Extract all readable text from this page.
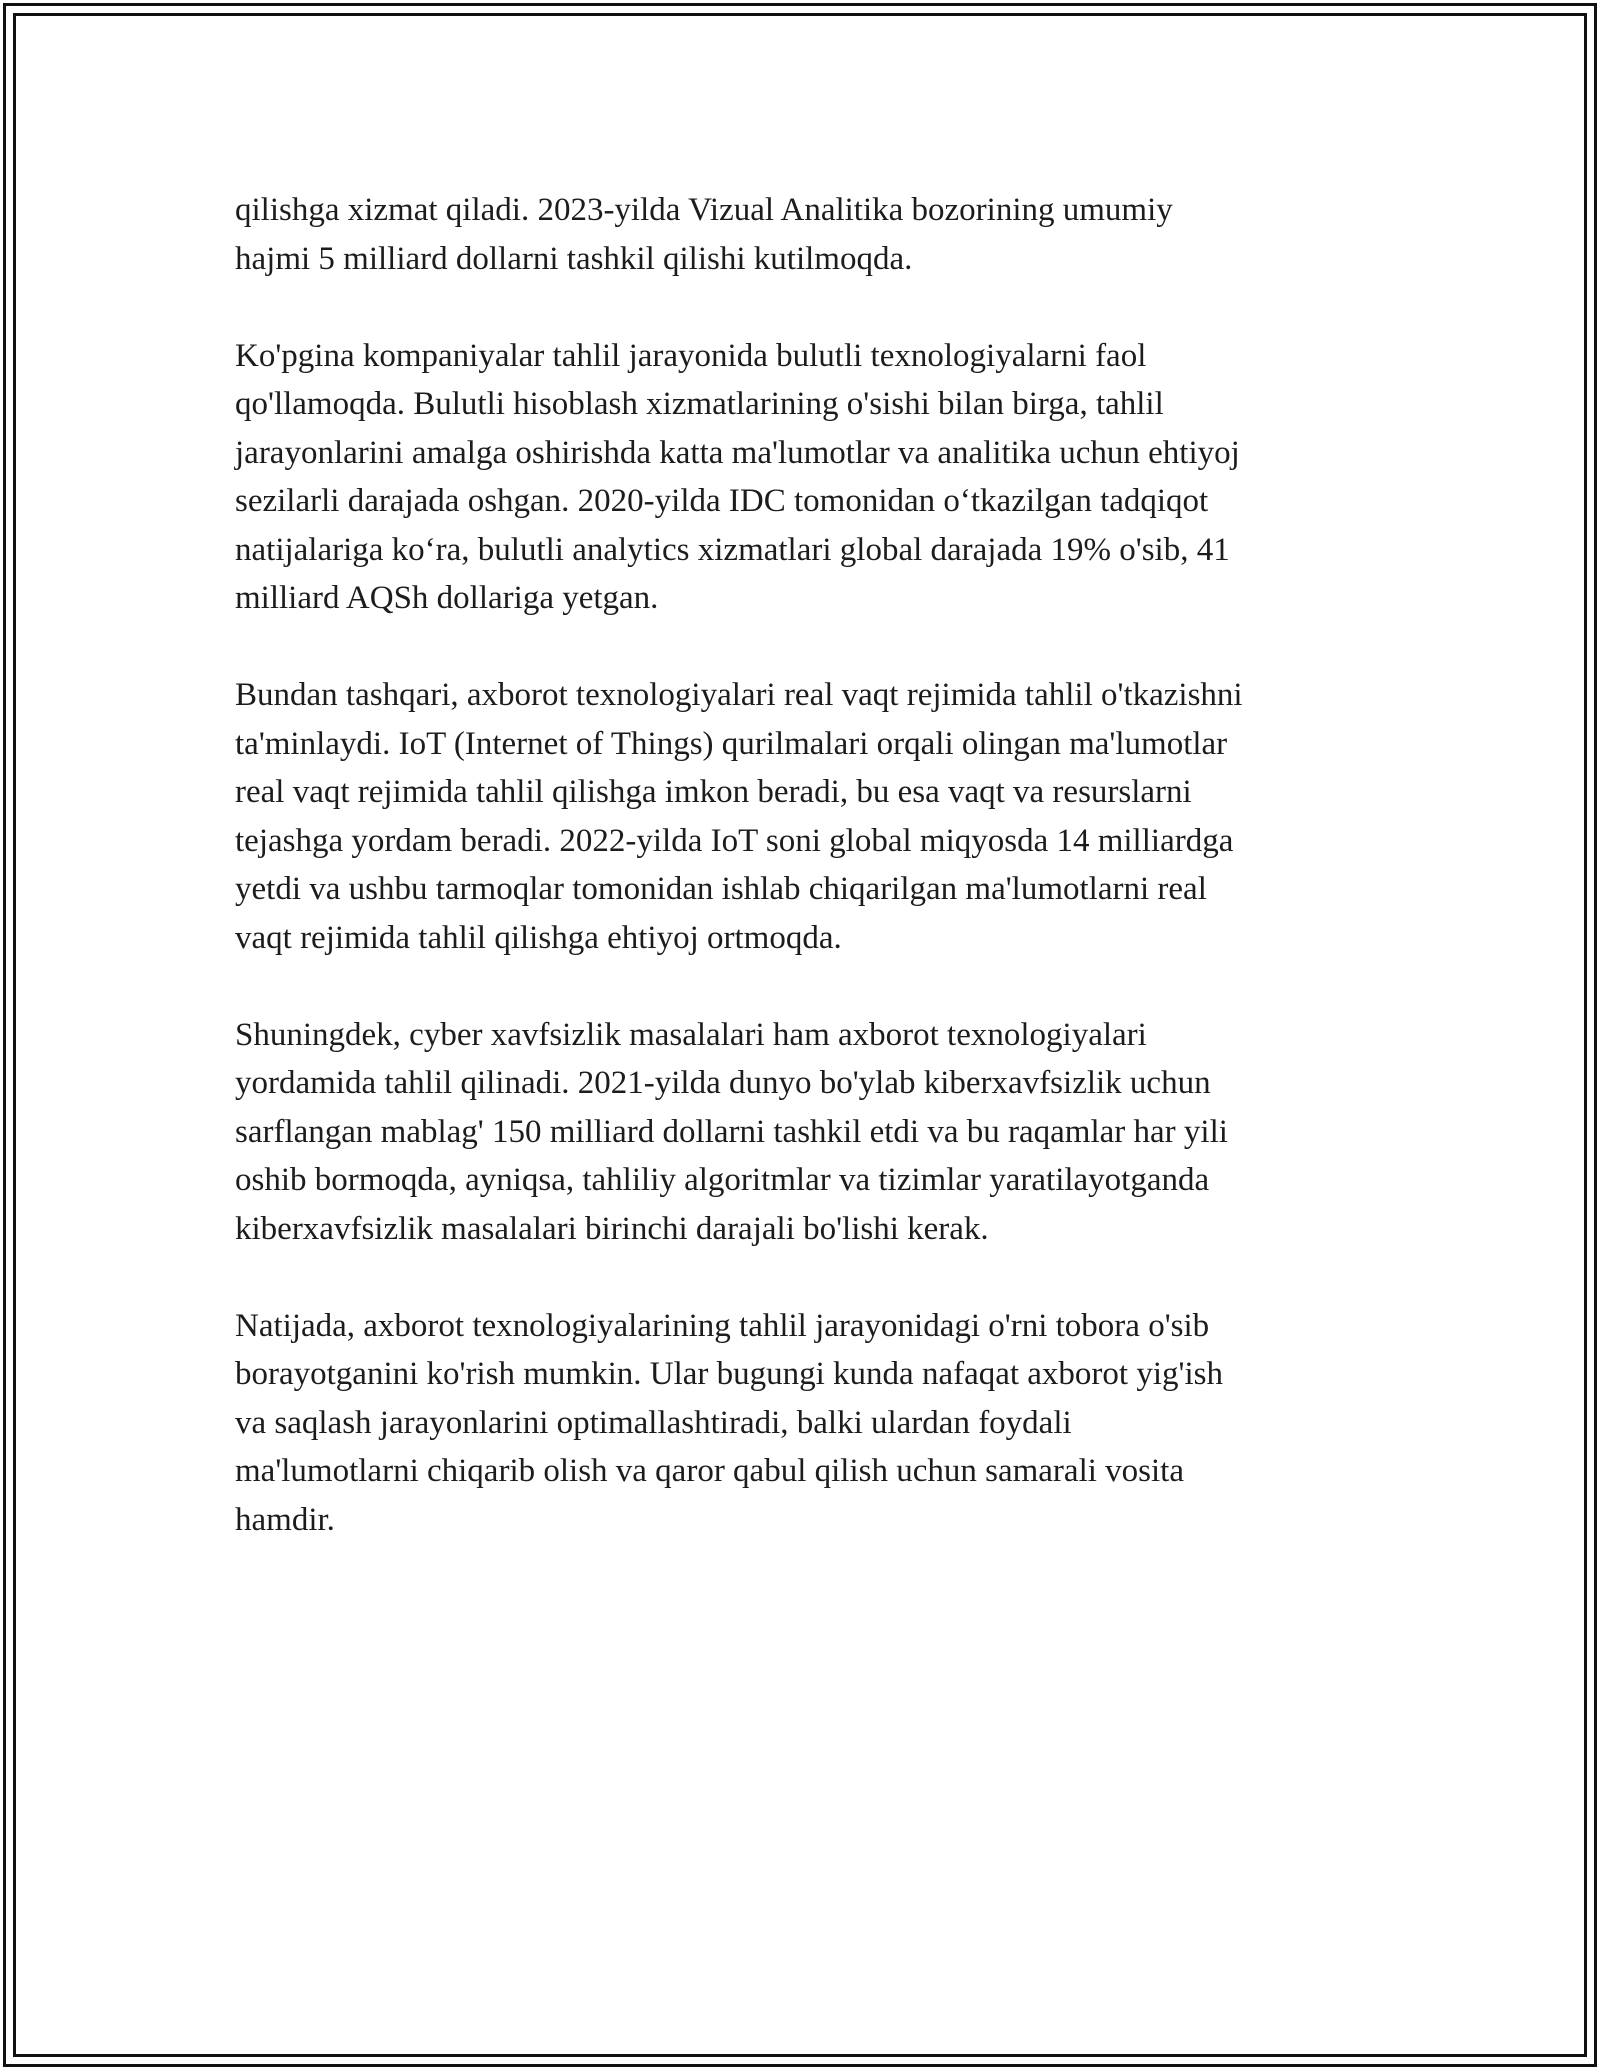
qilishga xizmat qiladi. 2023-yilda Vizual Analitika bozorining umumiy
hajmi 5 milliard dollarni tashkil qilishi kutilmoqda.

Ko'pgina kompaniyalar tahlil jarayonida bulutli texnologiyalarni faol
qo'llamoqda. Bulutli hisoblash xizmatlarining o'sishi bilan birga, tahlil
jarayonlarini amalga oshirishda katta ma'lumotlar va analitika uchun ehtiyoj
sezilarli darajada oshgan. 2020-yilda IDC tomonidan o‘tkazilgan tadqiqot
natijalariga ko‘ra, bulutli analytics xizmatlari global darajada 19% o'sib, 41
milliard AQSh dollariga yetgan.

Bundan tashqari, axborot texnologiyalari real vaqt rejimida tahlil o'tkazishni
ta'minlaydi. IoT (Internet of Things) qurilmalari orqali olingan ma'lumotlar
real vaqt rejimida tahlil qilishga imkon beradi, bu esa vaqt va resurslarni
tejashga yordam beradi. 2022-yilda IoT soni global miqyosda 14 milliardga
yetdi va ushbu tarmoqlar tomonidan ishlab chiqarilgan ma'lumotlarni real
vaqt rejimida tahlil qilishga ehtiyoj ortmoqda.

Shuningdek, cyber xavfsizlik masalalari ham axborot texnologiyalari
yordamida tahlil qilinadi. 2021-yilda dunyo bo'ylab kiberxavfsizlik uchun
sarflangan mablag' 150 milliard dollarni tashkil etdi va bu raqamlar har yili
oshib bormoqda, ayniqsa, tahliliy algoritmlar va tizimlar yaratilayotganda
kiberxavfsizlik masalalari birinchi darajali bo'lishi kerak.

Natijada, axborot texnologiyalarining tahlil jarayonidagi o'rni tobora o'sib
borayotganini ko'rish mumkin. Ular bugungi kunda nafaqat axborot yig'ish
va saqlash jarayonlarini optimallashtiradi, balki ulardan foydali
ma'lumotlarni chiqarib olish va qaror qabul qilish uchun samarali vosita
hamdir.
